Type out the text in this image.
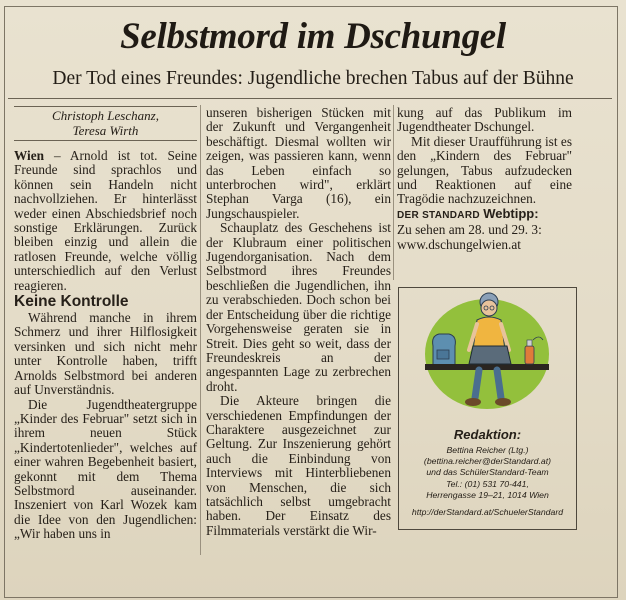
Selbstmord im Dschungel
Der Tod eines Freundes: Jugendliche brechen Tabus auf der Bühne
Christoph Leschanz,
Teresa Wirth

Wien – Arnold ist tot. Seine Freunde sind sprachlos und können sein Handeln nicht nachvollziehen. Er hinterlässt weder einen Abschiedsbrief noch sonstige Erklärungen. Zurück bleiben einzig und allein die ratlosen Freunde, welche völlig unterschiedlich auf den Verlust reagieren.

Keine Kontrolle

Während manche in ihrem Schmerz und ihrer Hilflosigkeit versinken und sich nicht mehr unter Kontrolle haben, trifft Arnolds Selbstmord bei anderen auf Unverständnis.

Die Jugendtheatergruppe „Kinder des Februar" setzt sich in ihrem neuen Stück „Kindertotenlieder", welches auf einer wahren Begebenheit basiert, gekonnt mit dem Thema Selbstmord auseinander. Inszeniert von Karl Wozek kam die Idee von den Jugendlichen: „Wir haben uns in

unseren bisherigen Stücken mit der Zukunft und Vergangenheit beschäftigt. Diesmal wollten wir zeigen, was passieren kann, wenn das Leben einfach so unterbrochen wird", erklärt Stephan Varga (16), ein Jungschauspieler.

Schauplatz des Geschehens ist der Klubraum einer politischen Jugendorganisation. Nach dem Selbstmord ihres Freundes beschließen die Jugendlichen, ihn zu verabschieden. Doch schon bei der Entscheidung über die richtige Vorgehensweise geraten sie in Streit. Dies geht so weit, dass der Freundeskreis an der angespannten Lage zu zerbrechen droht.

Die Akteure bringen die verschiedenen Empfindungen der Charaktere ausgezeichnet zur Geltung. Zur Inszenierung gehört auch die Einbindung von Interviews mit Hinterbliebenen von Menschen, die sich tatsächlich selbst umgebracht haben. Der Einsatz des Filmmaterials verstärkt die Wir-

kung auf das Publikum im Jugendtheater Dschungel.

Mit dieser Uraufführung ist es den „Kindern des Februar" gelungen, Tabus aufzudecken und Reaktionen auf eine Tragödie nachzuzeichnen.

DER STANDARD Webtipp:

Zu sehen am 28. und 29. 3:

www.dschungelwien.at

Redaktion:
Bettina Reicher (Ltg.)
(bettina.reicher@derStandard.at)
und das SchülerStandard-Team
Tel.: (01) 531 70-441,
Herrengasse 19–21, 1014 Wien
http://derStandard.at/SchuelerStandard
